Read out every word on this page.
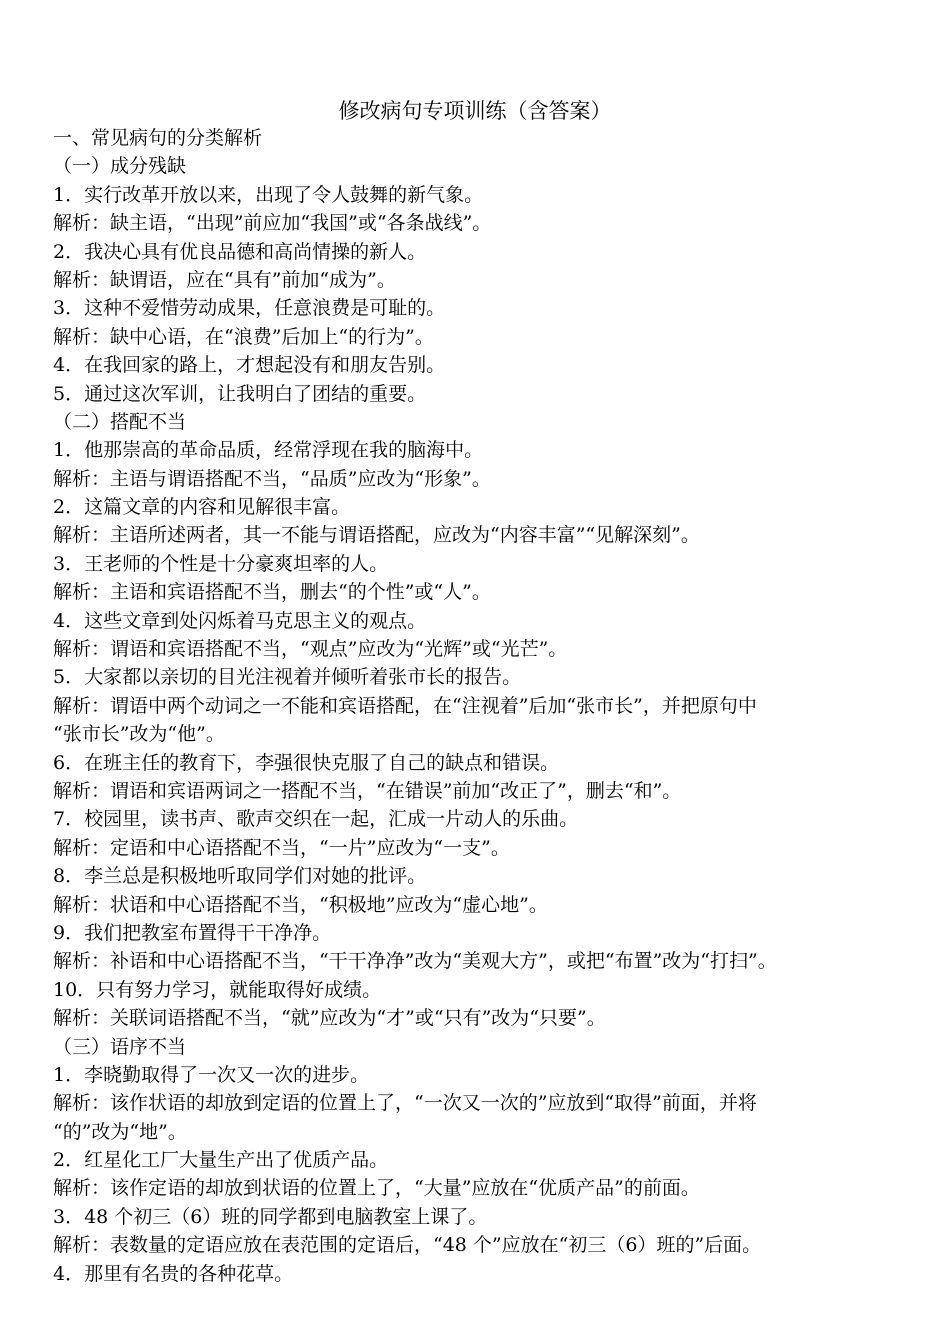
修改病句专项训练（含答案）
一、常见病句的分类解析
（一）成分残缺
1．实行改革开放以来，出现了令人鼓舞的新气象。
解析：缺主语，“出现”前应加“我国”或“各条战线”。
2．我决心具有优良品德和高尚情操的新人。
解析：缺谓语，应在“具有”前加“成为”。
3．这种不爱惜劳动成果，任意浪费是可耻的。
解析：缺中心语，在“浪费”后加上“的行为”。
4．在我回家的路上，才想起没有和朋友告别。
5．通过这次军训，让我明白了团结的重要。
（二）搭配不当
1．他那崇高的革命品质，经常浮现在我的脑海中。
解析：主语与谓语搭配不当，“品质”应改为“形象”。
2．这篇文章的内容和见解很丰富。
解析：主语所述两者，其一不能与谓语搭配，应改为“内容丰富”“见解深刻”。
3．王老师的个性是十分豪爽坦率的人。
解析：主语和宾语搭配不当，删去“的个性”或“人”。
4．这些文章到处闪烁着马克思主义的观点。
解析：谓语和宾语搭配不当，“观点”应改为“光辉”或“光芒”。
5．大家都以亲切的目光注视着并倾听着张市长的报告。
解析：谓语中两个动词之一不能和宾语搭配，在“注视着”后加“张市长”，并把原句中
“张市长”改为“他”。
6．在班主任的教育下，李强很快克服了自己的缺点和错误。
解析：谓语和宾语两词之一搭配不当，“在错误”前加“改正了”，删去“和”。
7．校园里，读书声、歌声交织在一起，汇成一片动人的乐曲。
解析：定语和中心语搭配不当，“一片”应改为“一支”。
8．李兰总是积极地听取同学们对她的批评。
解析：状语和中心语搭配不当，“积极地”应改为“虚心地”。
9．我们把教室布置得干干净净。
解析：补语和中心语搭配不当，“干干净净”改为“美观大方”，或把“布置”改为“打扫”。
10．只有努力学习，就能取得好成绩。
解析：关联词语搭配不当，“就”应改为“才”或“只有”改为“只要”。
（三）语序不当
1．李晓勤取得了一次又一次的进步。
解析：该作状语的却放到定语的位置上了，“一次又一次的”应放到“取得”前面，并将
“的”改为“地”。
2．红星化工厂大量生产出了优质产品。
解析：该作定语的却放到状语的位置上了，“大量”应放在“优质产品”的前面。
3．48 个初三（6）班的同学都到电脑教室上课了。
解析：表数量的定语应放在表范围的定语后，“48 个”应放在“初三（6）班的”后面。
4．那里有名贵的各种花草。
